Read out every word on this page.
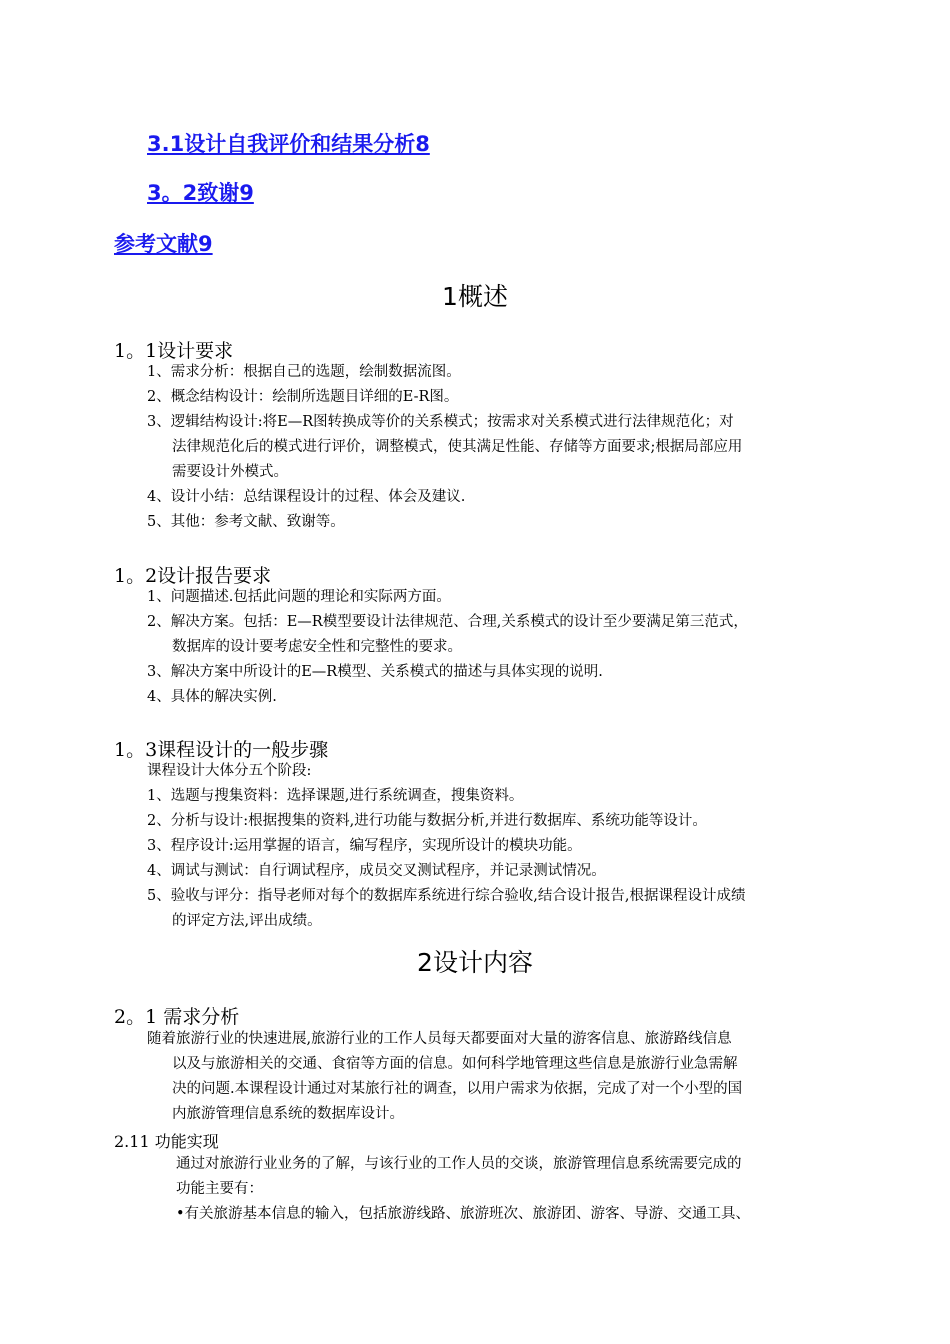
3.1设计自我评价和结果分析8
3。2致谢9
参考文献9
1概述
1。1设计要求
1、需求分析：根据自己的选题，绘制数据流图。
2、概念结构设计：绘制所选题目详细的E-R图。
3、逻辑结构设计:将E—R图转换成等价的关系模式；按需求对关系模式进行法律规范化；对
法律规范化后的模式进行评价，调整模式，使其满足性能、存储等方面要求;根据局部应用
需要设计外模式。
4、设计小结：总结课程设计的过程、体会及建议.
5、其他：参考文献、致谢等。
1。2设计报告要求
1、问题描述.包括此问题的理论和实际两方面。
2、解决方案。包括：E—R模型要设计法律规范、合理,关系模式的设计至少要满足第三范式，
数据库的设计要考虑安全性和完整性的要求。
3、解决方案中所设计的E—R模型、关系模式的描述与具体实现的说明.
4、具体的解决实例.
1。3课程设计的一般步骤
课程设计大体分五个阶段:
1、选题与搜集资料：选择课题,进行系统调查，搜集资料。
2、分析与设计:根据搜集的资料,进行功能与数据分析,并进行数据库、系统功能等设计。
3、程序设计:运用掌握的语言，编写程序，实现所设计的模块功能。
4、调试与测试：自行调试程序，成员交叉测试程序，并记录测试情况。
5、验收与评分：指导老师对每个的数据库系统进行综合验收,结合设计报告,根据课程设计成绩
的评定方法,评出成绩。
2设计内容
2。1 需求分析
随着旅游行业的快速进展,旅游行业的工作人员每天都要面对大量的游客信息、旅游路线信息
以及与旅游相关的交通、食宿等方面的信息。如何科学地管理这些信息是旅游行业急需解
决的问题.本课程设计通过对某旅行社的调查，以用户需求为依据，完成了对一个小型的国
内旅游管理信息系统的数据库设计。
2.11 功能实现
通过对旅游行业业务的了解，与该行业的工作人员的交谈，旅游管理信息系统需要完成的
功能主要有：
•有关旅游基本信息的输入，包括旅游线路、旅游班次、旅游团、游客、导游、交通工具、
